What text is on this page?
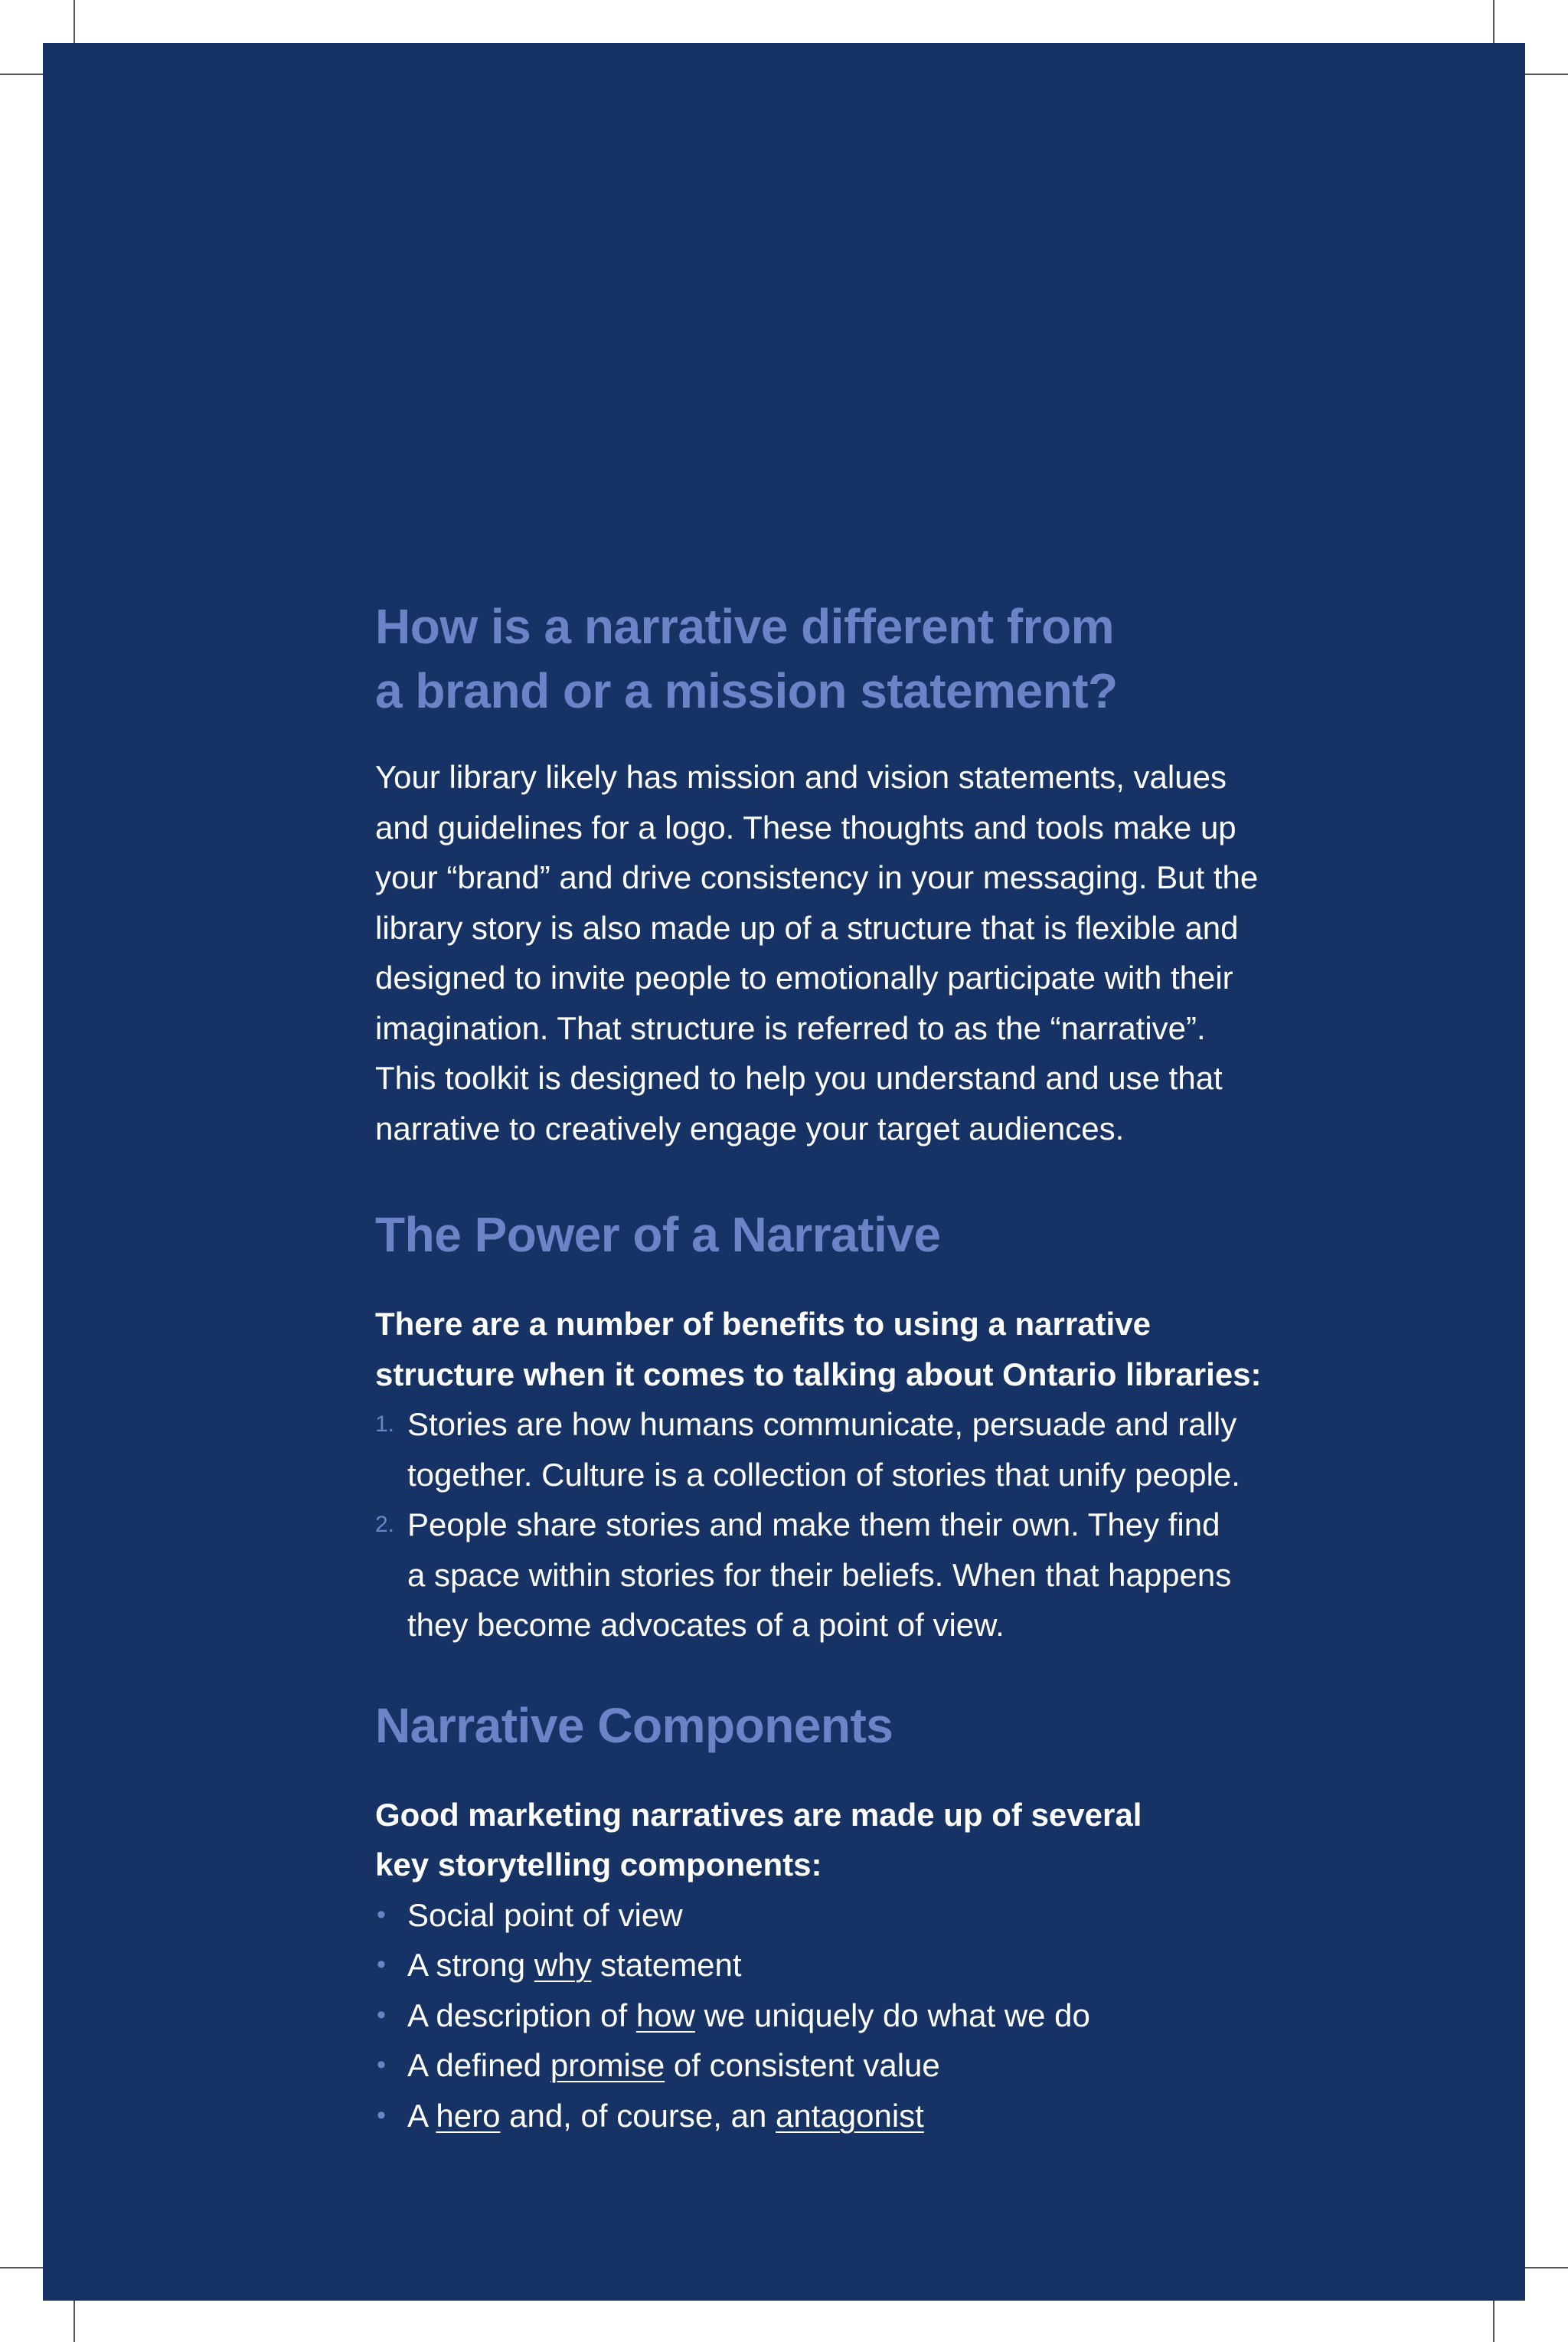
How is a narrative different from
a brand or a mission statement?

Your library likely has mission and vision statements, values
and guidelines for a logo. These thoughts and tools make up
your “brand” and drive consistency in your messaging. But the
library story is also made up of a structure that is flexible and
designed to invite people to emotionally participate with their
imagination. That structure is referred to as the “narrative”.
This toolkit is designed to help you understand and use that
narrative to creatively engage your target audiences.

The Power of a Narrative

There are a number of benefits to using a narrative
structure when it comes to talking about Ontario libraries:

1. Stories are how humans communicate, persuade and rally
together. Culture is a collection of stories that unify people.
2. People share stories and make them their own. They find
a space within stories for their beliefs. When that happens
they become advocates of a point of view.
Narrative Components

Good marketing narratives are made up of several
key storytelling components:

• Social point of view
• A strong why statement
• A description of how we uniquely do what we do
• A defined promise of consistent value
• A hero and, of course, an antagonist
